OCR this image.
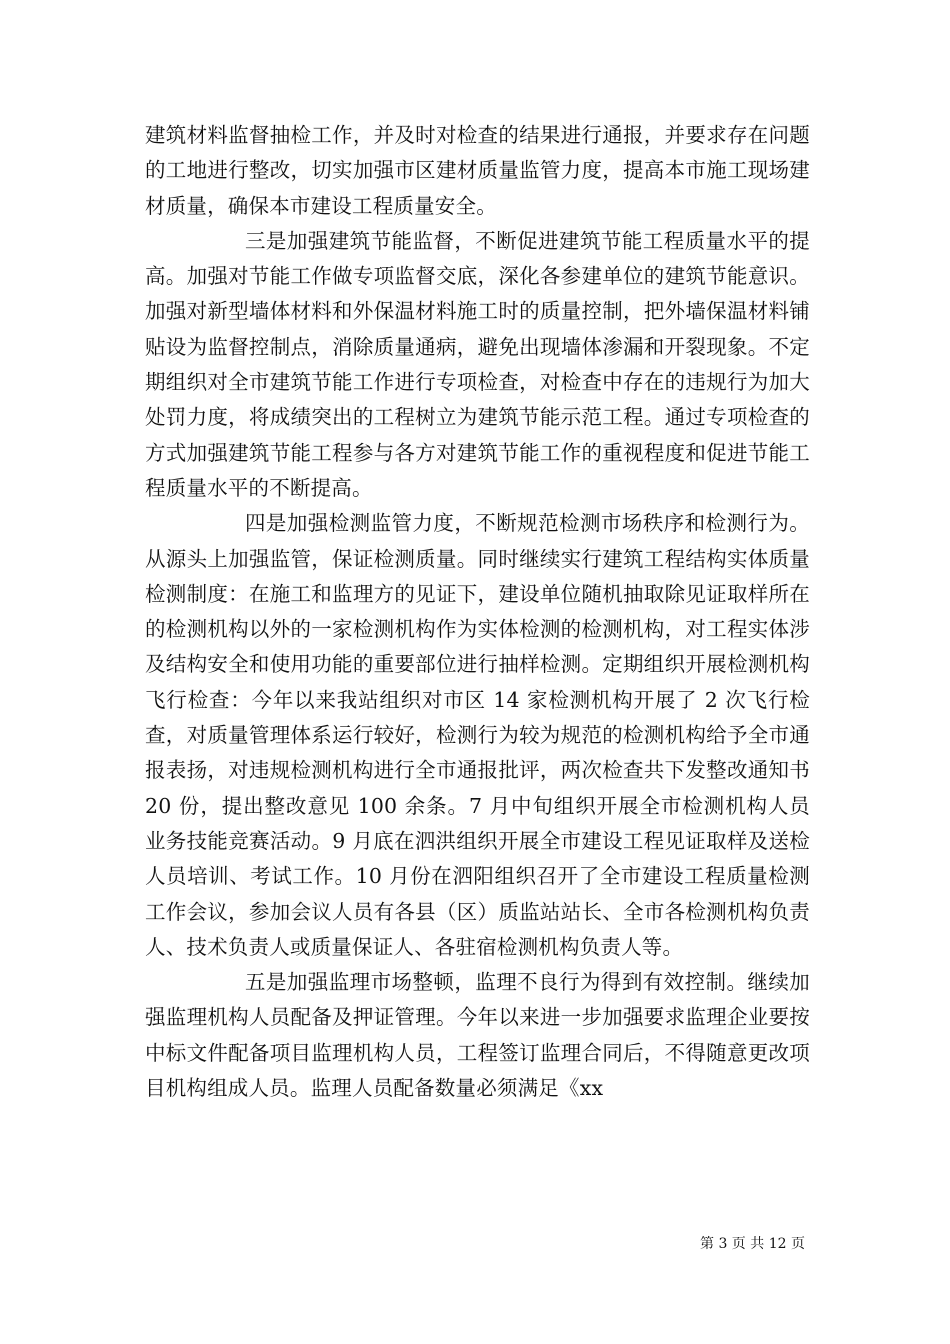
建筑材料监督抽检工作，并及时对检查的结果进行通报，并要求存在问题的工地进行整改，切实加强市区建材质量监管力度，提高本市施工现场建材质量，确保本市建设工程质量安全。

三是加强建筑节能监督，不断促进建筑节能工程质量水平的提高。加强对节能工作做专项监督交底，深化各参建单位的建筑节能意识。加强对新型墙体材料和外保温材料施工时的质量控制，把外墙保温材料铺贴设为监督控制点，消除质量通病，避免出现墙体渗漏和开裂现象。不定期组织对全市建筑节能工作进行专项检查，对检查中存在的违规行为加大处罚力度，将成绩突出的工程树立为建筑节能示范工程。通过专项检查的方式加强建筑节能工程参与各方对建筑节能工作的重视程度和促进节能工程质量水平的不断提高。

四是加强检测监管力度，不断规范检测市场秩序和检测行为。从源头上加强监管，保证检测质量。同时继续实行建筑工程结构实体质量检测制度：在施工和监理方的见证下，建设单位随机抽取除见证取样所在的检测机构以外的一家检测机构作为实体检测的检测机构，对工程实体涉及结构安全和使用功能的重要部位进行抽样检测。定期组织开展检测机构飞行检查：今年以来我站组织对市区 14 家检测机构开展了 2 次飞行检查，对质量管理体系运行较好，检测行为较为规范的检测机构给予全市通报表扬，对违规检测机构进行全市通报批评，两次检查共下发整改通知书 20 份，提出整改意见 100 余条。7 月中旬组织开展全市检测机构人员业务技能竞赛活动。9 月底在泗洪组织开展全市建设工程见证取样及送检人员培训、考试工作。10 月份在泗阳组织召开了全市建设工程质量检测工作会议，参加会议人员有各县（区）质监站站长、全市各检测机构负责人、技术负责人或质量保证人、各驻宿检测机构负责人等。

五是加强监理市场整顿，监理不良行为得到有效控制。继续加强监理机构人员配备及押证管理。今年以来进一步加强要求监理企业要按中标文件配备项目监理机构人员，工程签订监理合同后，不得随意更改项目机构组成人员。监理人员配备数量必须满足《xx

第 3 页 共 12 页
